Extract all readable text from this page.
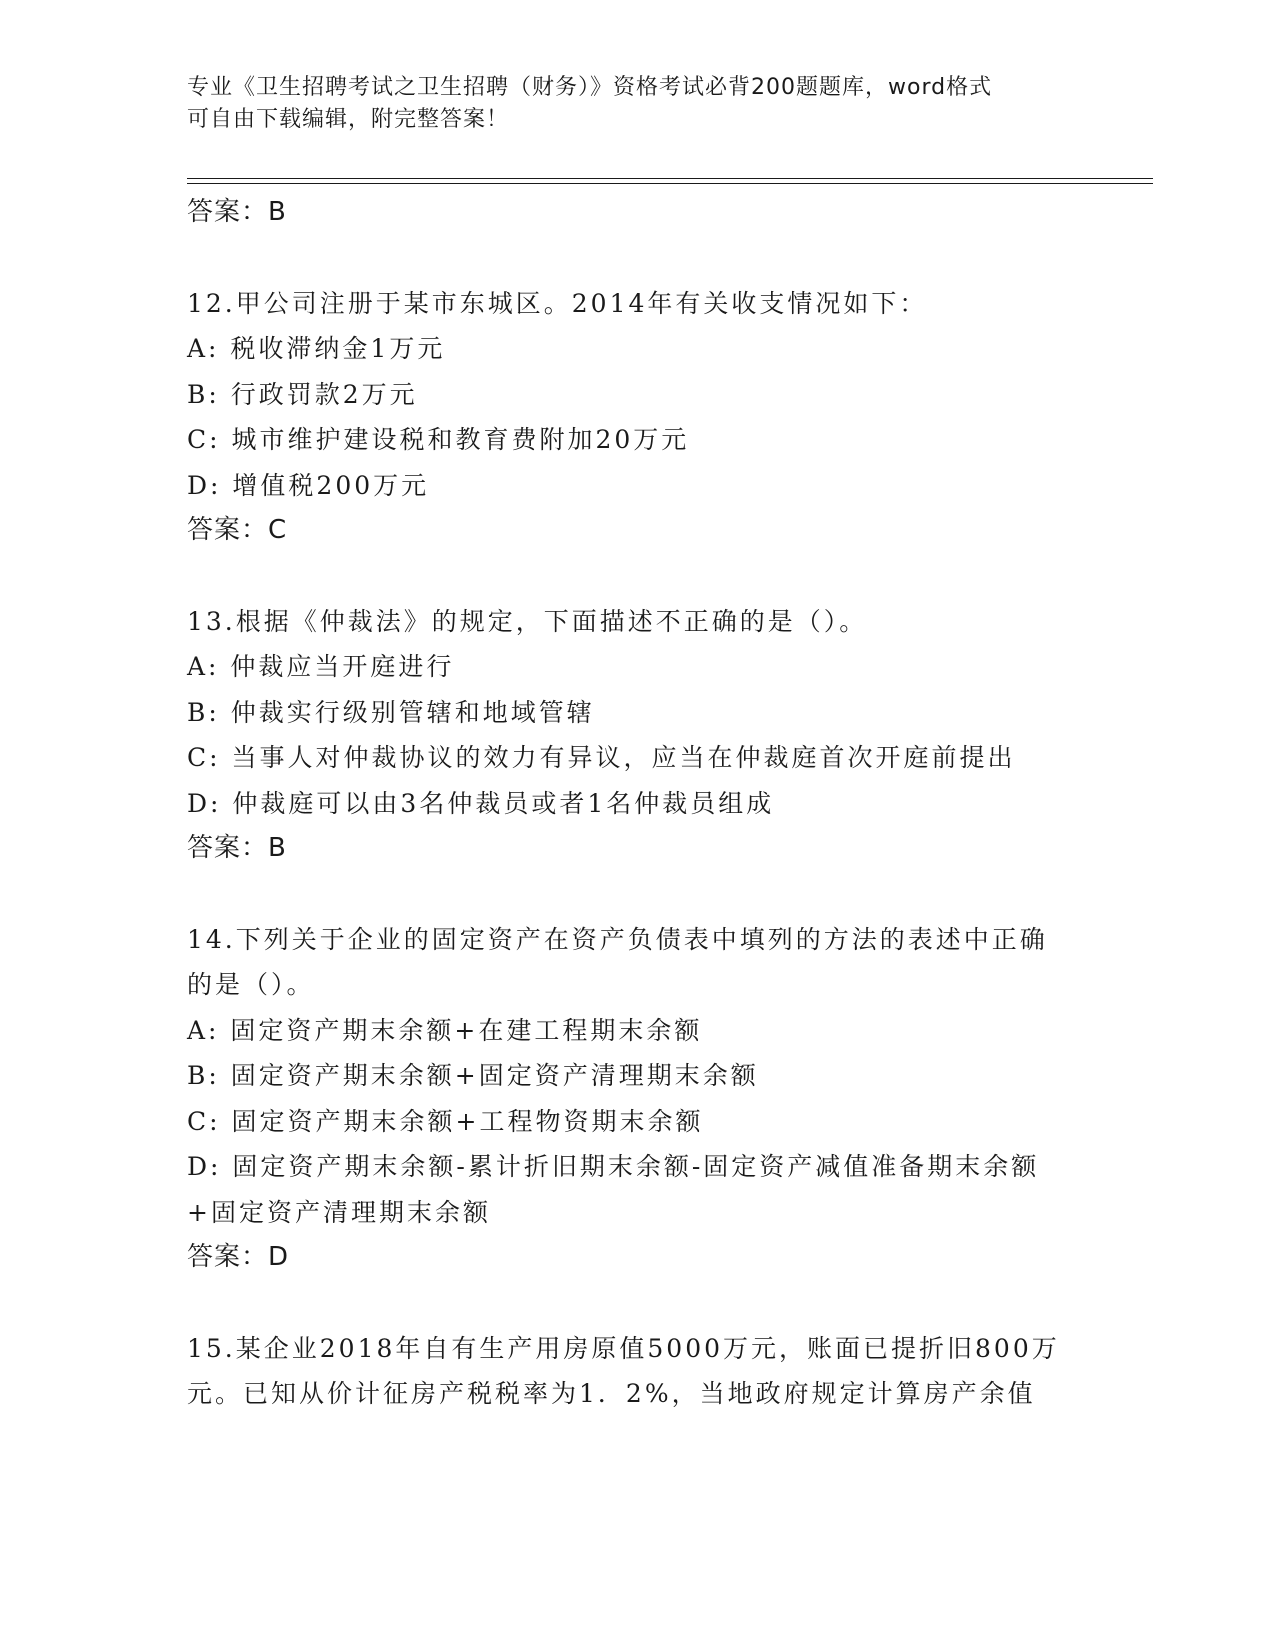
专业《卫生招聘考试之卫生招聘（财务）》资格考试必背200题题库，word格式
可自由下载编辑，附完整答案！
答案：B
12.甲公司注册于某市东城区。2014年有关收支情况如下：
A: 税收滞纳金1万元
B: 行政罚款2万元
C: 城市维护建设税和教育费附加20万元
D: 增值税200万元
答案：C
13.根据《仲裁法》的规定，下面描述不正确的是（）。
A: 仲裁应当开庭进行
B: 仲裁实行级别管辖和地域管辖
C: 当事人对仲裁协议的效力有异议，应当在仲裁庭首次开庭前提出
D: 仲裁庭可以由3名仲裁员或者1名仲裁员组成
答案：B
14.下列关于企业的固定资产在资产负债表中填列的方法的表述中正确
的是（）。
A: 固定资产期末余额+在建工程期末余额
B: 固定资产期末余额+固定资产清理期末余额
C: 固定资产期末余额+工程物资期末余额
D: 固定资产期末余额-累计折旧期末余额-固定资产减值准备期末余额
+固定资产清理期末余额
答案：D
15.某企业2018年自有生产用房原值5000万元，账面已提折旧800万
元。已知从价计征房产税税率为1．2%，当地政府规定计算房产余值
